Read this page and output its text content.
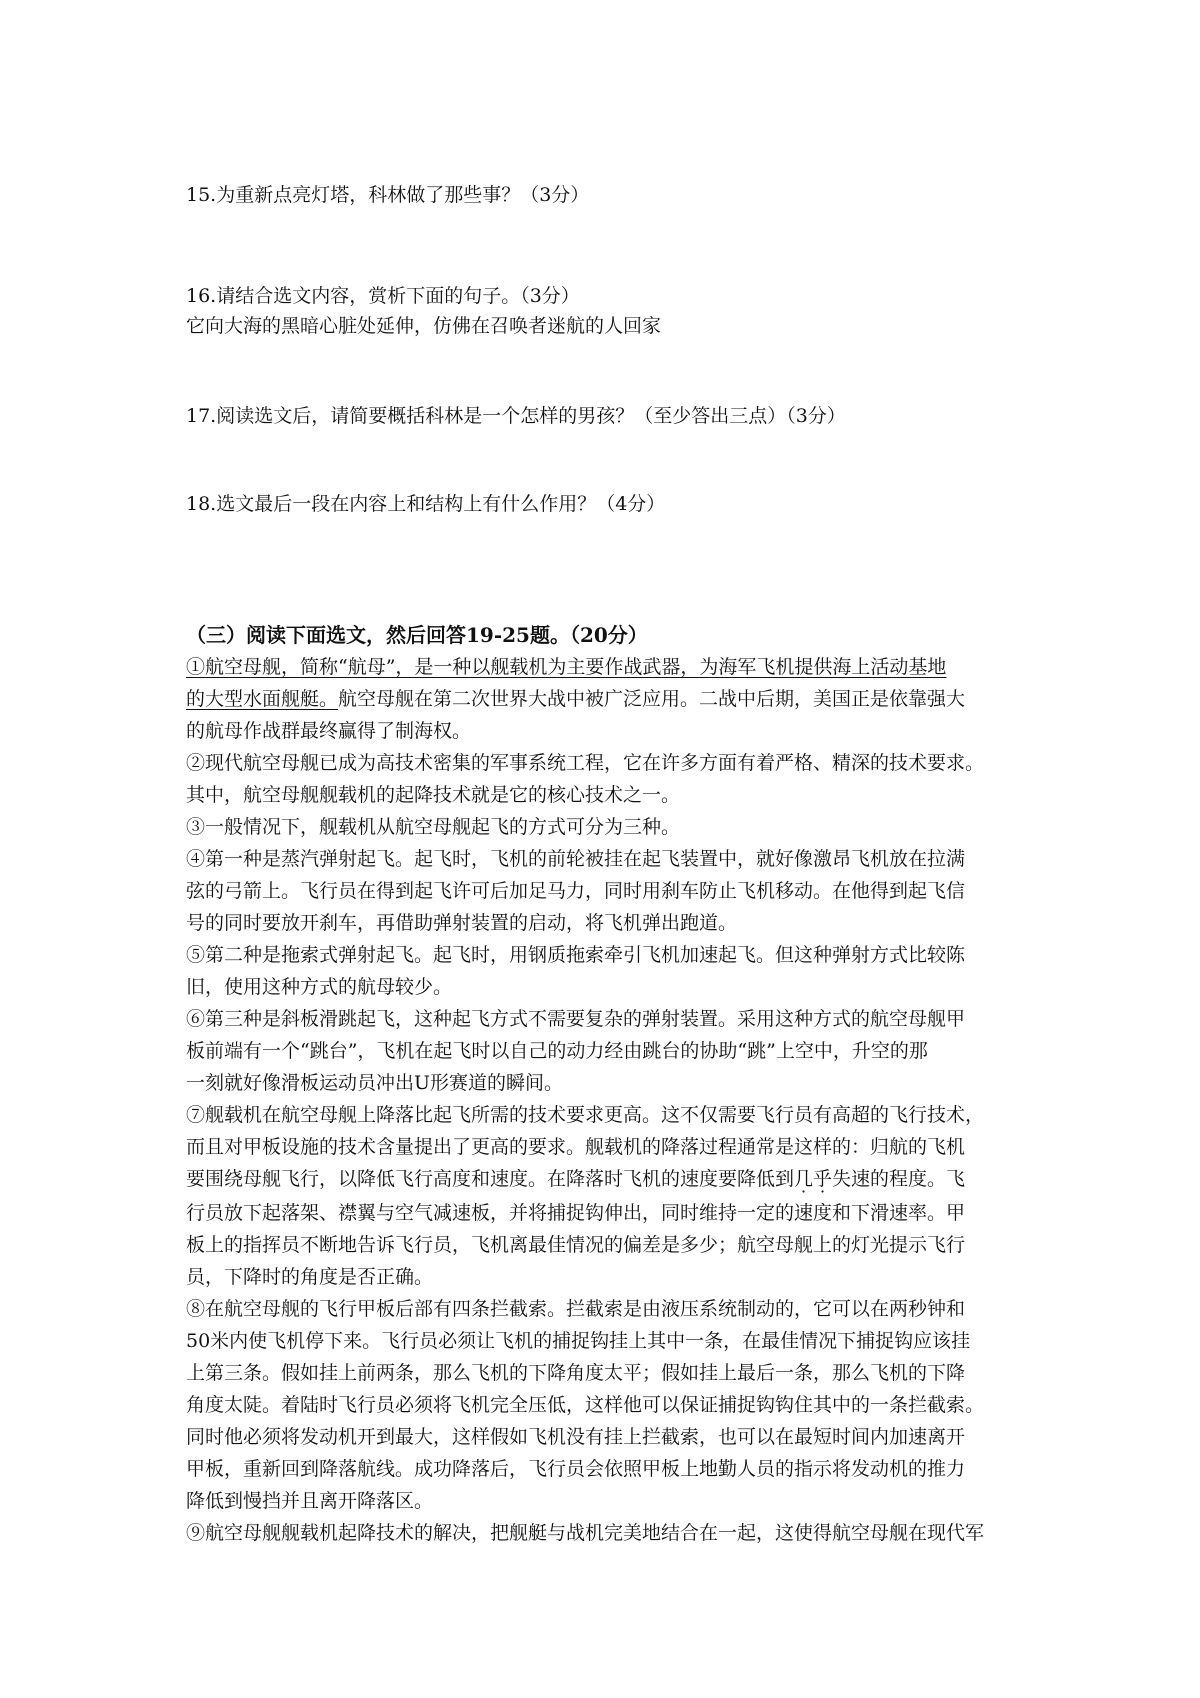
15.为重新点亮灯塔，科林做了那些事？（3分）
16.请结合选文内容，赏析下面的句子。（3分）
它向大海的黑暗心脏处延伸，仿佛在召唤者迷航的人回家
17.阅读选文后，请简要概括科林是一个怎样的男孩？（至少答出三点）（3分）
18.选文最后一段在内容上和结构上有什么作用？（4分）
（三）阅读下面选文，然后回答19-25题。（20分）
①航空母舰，简称“航母”，是一种以舰载机为主要作战武器，为海军飞机提供海上活动基地
的大型水面舰艇。航空母舰在第二次世界大战中被广泛应用。二战中后期，美国正是依靠强大
的航母作战群最终赢得了制海权。
②现代航空母舰已成为高技术密集的军事系统工程，它在许多方面有着严格、精深的技术要求。
其中，航空母舰舰载机的起降技术就是它的核心技术之一。
③一般情况下，舰载机从航空母舰起飞的方式可分为三种。
④第一种是蒸汽弹射起飞。起飞时，飞机的前轮被挂在起飞装置中，就好像激昂飞机放在拉满
弦的弓箭上。飞行员在得到起飞许可后加足马力，同时用刹车防止飞机移动。在他得到起飞信
号的同时要放开刹车，再借助弹射装置的启动，将飞机弹出跑道。
⑤第二种是拖索式弹射起飞。起飞时，用钢质拖索牵引飞机加速起飞。但这种弹射方式比较陈
旧，使用这种方式的航母较少。
⑥第三种是斜板滑跳起飞，这种起飞方式不需要复杂的弹射装置。采用这种方式的航空母舰甲
板前端有一个“跳台”，飞机在起飞时以自己的动力经由跳台的协助“跳”上空中，升空的那
一刻就好像滑板运动员冲出U形赛道的瞬间。
⑦舰载机在航空母舰上降落比起飞所需的技术要求更高。这不仅需要飞行员有高超的飞行技术，
而且对甲板设施的技术含量提出了更高的要求。舰载机的降落过程通常是这样的：归航的飞机
要围绕母舰飞行，以降低飞行高度和速度。在降落时飞机的速度要降低到几乎失速的程度。飞
行员放下起落架、襟翼与空气减速板，并将捕捉钩伸出，同时维持一定的速度和下滑速率。甲
板上的指挥员不断地告诉飞行员，飞机离最佳情况的偏差是多少；航空母舰上的灯光提示飞行
员，下降时的角度是否正确。
⑧在航空母舰的飞行甲板后部有四条拦截索。拦截索是由液压系统制动的，它可以在两秒钟和
50米内使飞机停下来。飞行员必须让飞机的捕捉钩挂上其中一条，在最佳情况下捕捉钩应该挂
上第三条。假如挂上前两条，那么飞机的下降角度太平；假如挂上最后一条，那么飞机的下降
角度太陡。着陆时飞行员必须将飞机完全压低，这样他可以保证捕捉钩钩住其中的一条拦截索。
同时他必须将发动机开到最大，这样假如飞机没有挂上拦截索，也可以在最短时间内加速离开
甲板，重新回到降落航线。成功降落后，飞行员会依照甲板上地勤人员的指示将发动机的推力
降低到慢挡并且离开降落区。
⑨航空母舰舰载机起降技术的解决，把舰艇与战机完美地结合在一起，这使得航空母舰在现代军
